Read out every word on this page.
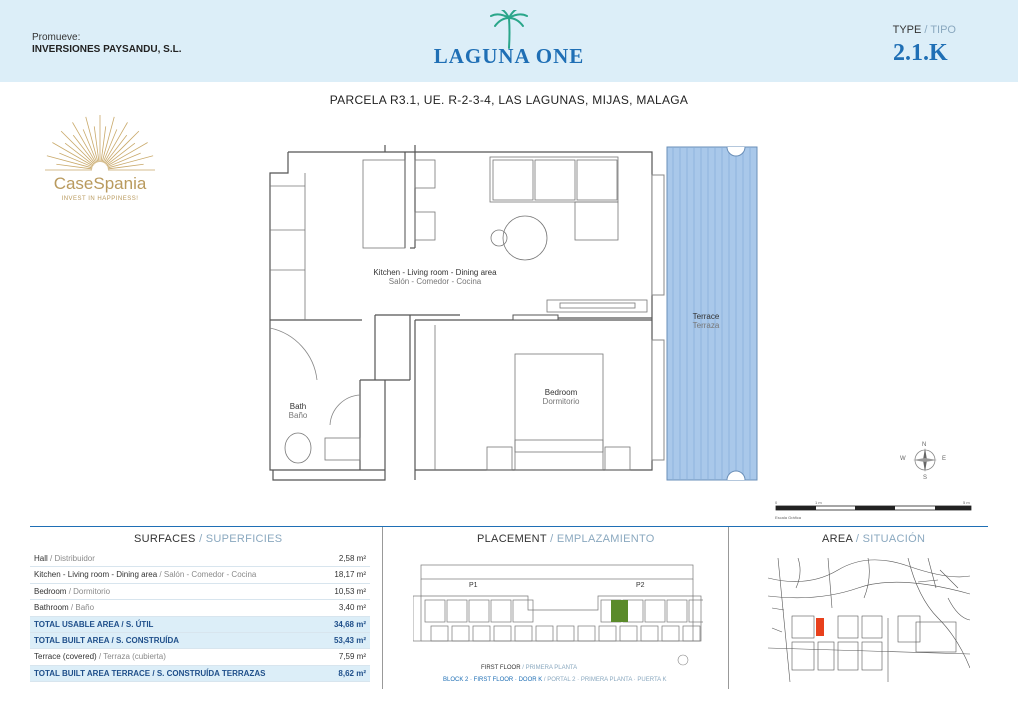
Promueve:
INVERSIONES PAYSANDU, S.L.	LAGUNA ONE
TYPE / TIPO
2.1.K
PARCELA R3.1, UE. R-2-3-4, LAS LAGUNAS, MIJAS, MALAGA
CaseSpania
INVEST IN HAPPINESS!
Kitchen - Living room - Dining area
Salón - Comedor - Cocina
Terrace
Terraza
Bedroom
Dormitorio
Bath
Baño
N
S
E
W
0	1 m	5 m
Escala Gráfica
SURFACES / SUPERFICIES	PLACEMENT / EMPLAZAMIENTO	AREA / SITUACIÓN
Hall / Distribuidor	2,58 m²
Kitchen - Living room - Dining area / Salón - Comedor - Cocina	18,17 m²
Bedroom / Dormitorio	10,53 m²
Bathroom / Baño	3,40 m²
TOTAL USABLE AREA / S. ÚTIL	34,68 m²
TOTAL BUILT AREA / S. CONSTRUÍDA	53,43 m²
Terrace (covered) / Terraza (cubierta)	7,59 m²
TOTAL BUILT AREA TERRACE / S. CONSTRUÍDA TERRAZAS	8,62 m²
P1	P2
FIRST FLOOR / PRIMERA PLANTA
BLOCK 2 · FIRST FLOOR · DOOR K / PORTAL 2 · PRIMERA PLANTA · PUERTA K
